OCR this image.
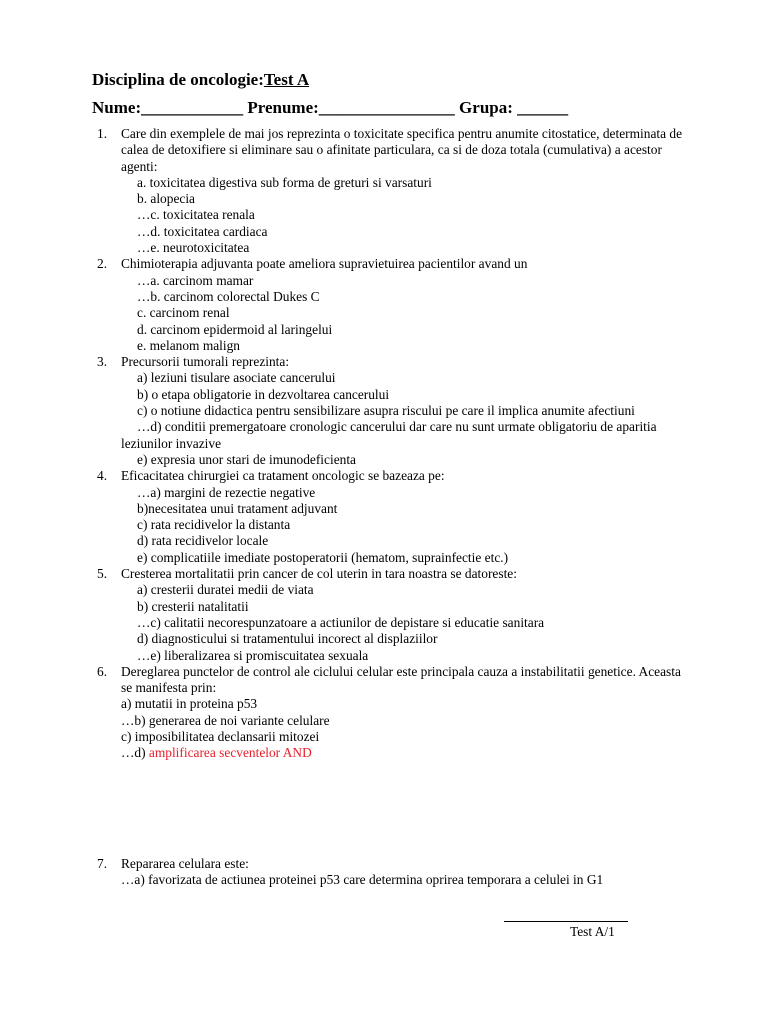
Disciplina de oncologie:Test A
Nume:____________ Prenume:________________ Grupa: ______
1. Care din exemplele de mai jos reprezinta o toxicitate specifica pentru anumite citostatice, determinata de calea de detoxifiere si eliminare sau o afinitate particulara, ca si de doza totala (cumulativa) a acestor agenti:
a. toxicitatea digestiva sub forma de greturi si varsaturi
b. alopecia
…c. toxicitatea renala
…d. toxicitatea cardiaca
…e. neurotoxicitatea
2. Chimioterapia adjuvanta poate ameliora supravietuirea pacientilor avand un
…a. carcinom mamar
…b. carcinom colorectal Dukes C
c. carcinom renal
d. carcinom epidermoid al laringelui
e. melanom malign
3. Precursorii tumorali reprezinta:
a) leziuni tisulare asociate cancerului
b) o etapa obligatorie in dezvoltarea cancerului
c) o notiune didactica pentru sensibilizare asupra riscului pe care il implica anumite afectiuni
…d) conditii premergatoare cronologic cancerului dar care nu sunt urmate obligatoriu de aparitia leziunilor invazive
e) expresia unor stari de imunodeficienta
4. Eficacitatea chirurgiei ca tratament oncologic se bazeaza pe:
…a) margini de rezectie negative
b)necesitatea unui tratament adjuvant
c) rata recidivelor la distanta
d) rata recidivelor locale
e) complicatiile imediate postoperatorii (hematom, suprainfectie etc.)
5. Cresterea mortalitatii prin cancer de col uterin in tara noastra se datoreste:
a) cresterii duratei medii de viata
b) cresterii natalitatii
…c) calitatii necorespunzatoare a actiunilor de depistare si educatie sanitara
d) diagnosticului si tratamentului incorect al displaziilor
…e) liberalizarea si promiscuitatea sexuala
6. Dereglarea punctelor de control ale ciclului celular este principala cauza a instabilitatii genetice. Aceasta se manifesta prin:
a) mutatii in proteina p53
…b) generarea de noi variante celulare
c) imposibilitatea declansarii mitozei
…d) amplificarea secventelor AND
7. Repararea celulara este:
…a) favorizata de actiunea proteinei p53 care determina oprirea temporara a celulei in G1
Test A/1
